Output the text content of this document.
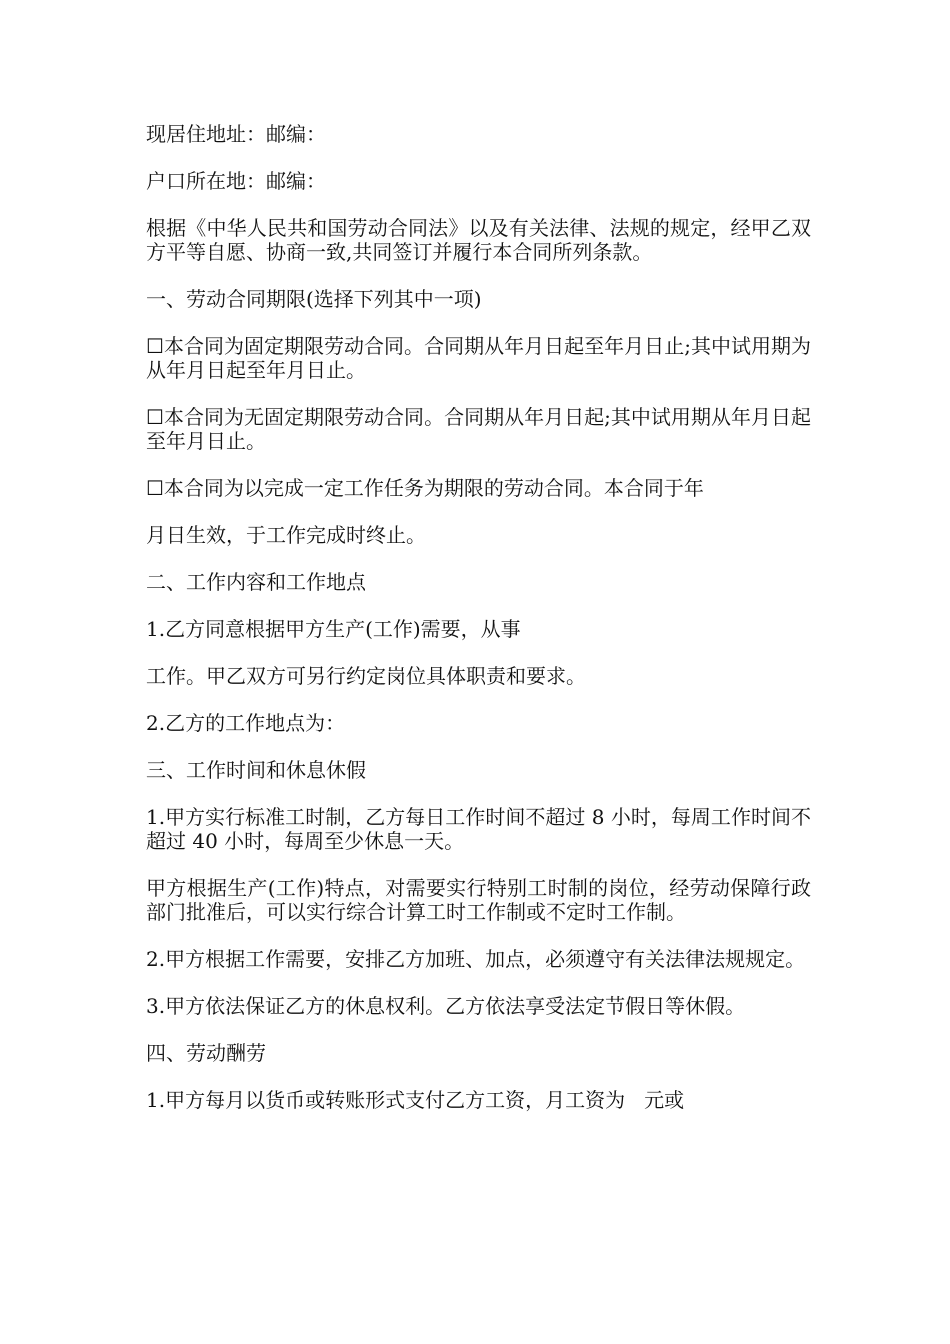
现居住地址：邮编：

户口所在地：邮编：

根据《中华人民共和国劳动合同法》以及有关法律、法规的规定，经甲乙双方平等自愿、协商一致,共同签订并履行本合同所列条款。

一、劳动合同期限(选择下列其中一项)

☐本合同为固定期限劳动合同。合同期从年月日起至年月日止;其中试用期为从年月日起至年月日止。

☐本合同为无固定期限劳动合同。合同期从年月日起;其中试用期从年月日起至年月日止。

☐本合同为以完成一定工作任务为期限的劳动合同。本合同于年

月日生效，于工作完成时终止。

二、工作内容和工作地点

1.乙方同意根据甲方生产(工作)需要，从事

工作。甲乙双方可另行约定岗位具体职责和要求。

2.乙方的工作地点为：

三、工作时间和休息休假

1.甲方实行标准工时制，乙方每日工作时间不超过 8 小时，每周工作时间不超过 40 小时，每周至少休息一天。

甲方根据生产(工作)特点，对需要实行特别工时制的岗位，经劳动保障行政部门批准后，可以实行综合计算工时工作制或不定时工作制。

2.甲方根据工作需要，安排乙方加班、加点，必须遵守有关法律法规规定。

3.甲方依法保证乙方的休息权利。乙方依法享受法定节假日等休假。

四、劳动酬劳

1.甲方每月以货币或转账形式支付乙方工资，月工资为   元或
